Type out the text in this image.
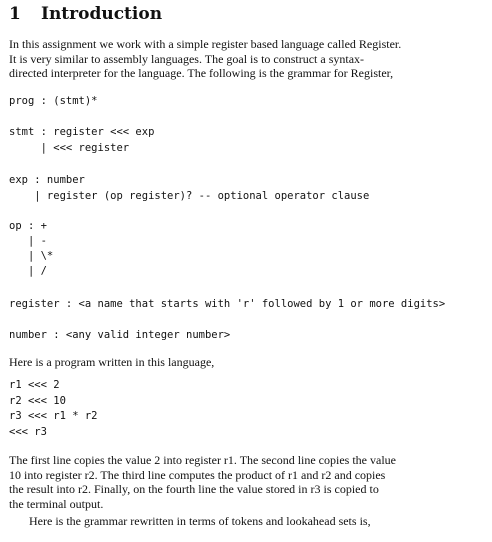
1 Introduction

In this assignment we work with a simple register based language called Register.
It is very similar to assembly languages. The goal is to construct a syntax-
directed interpreter for the language. The following is the grammar for Register,

prog : (stmt)*
stmt : register <<< exp
| <<< register
exp : number
| register (op register)? -- optional operator clause
op : +
| -
| \*
| /
register : <a name that starts with 'r' followed by 1 or more digits>
number : <any valid integer number>

Here is a program written in this language,

r1 <<< 2
r2 <<< 10
r3 <<< r1 * r2
<<< r3

The first line copies the value 2 into register r1. The second line copies the value
10 into register r2. The third line computes the product of r1 and r2 and copies
the result into r2. Finally, on the fourth line the value stored in r3 is copied to
the terminal output.

Here is the grammar rewritten in terms of tokens and lookahead sets is,
